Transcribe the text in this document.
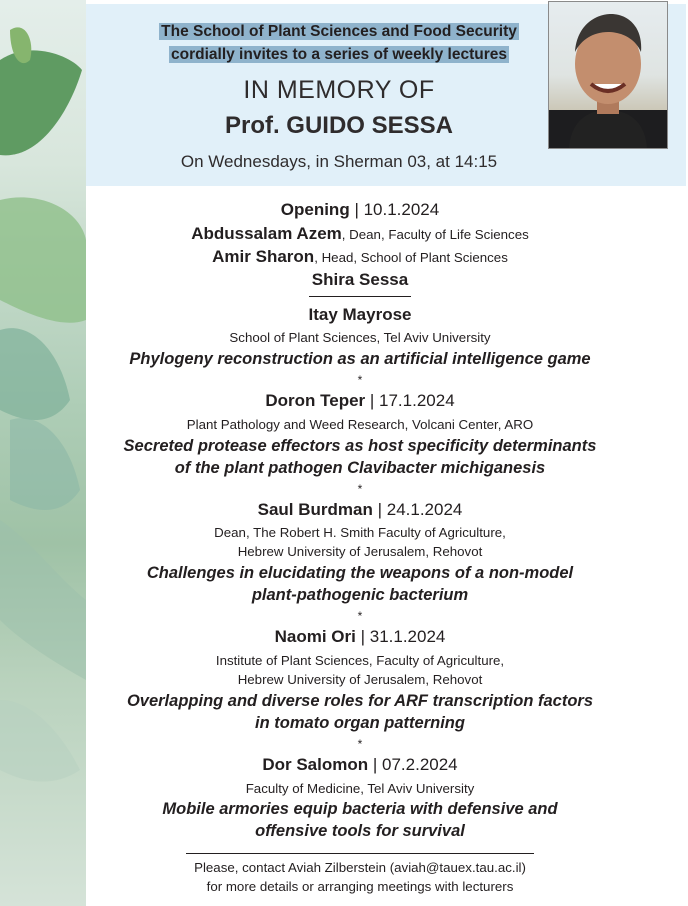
The School of Plant Sciences and Food Security
cordially invites to a series of weekly lectures
IN MEMORY OF
Prof. GUIDO SESSA
On Wednesdays, in Sherman 03, at 14:15
Opening | 10.1.2024
Abdussalam Azem, Dean, Faculty of Life Sciences
Amir Sharon, Head, School of Plant Sciences
Shira Sessa
Itay Mayrose
School of Plant Sciences, Tel Aviv University
Phylogeny reconstruction as an artificial intelligence game
*
Doron Teper | 17.1.2024
Plant Pathology and Weed Research, Volcani Center, ARO
Secreted protease effectors as host specificity determinants
of the plant pathogen Clavibacter michiganesis
*
Saul Burdman | 24.1.2024
Dean, The Robert H. Smith Faculty of Agriculture,
Hebrew University of Jerusalem, Rehovot
Challenges in elucidating the weapons of a non-model
plant-pathogenic bacterium
*
Naomi Ori | 31.1.2024
Institute of Plant Sciences, Faculty of Agriculture,
Hebrew University of Jerusalem, Rehovot
Overlapping and diverse roles for ARF transcription factors
in tomato organ patterning
*
Dor Salomon | 07.2.2024
Faculty of Medicine, Tel Aviv University
Mobile armories equip bacteria with defensive and
offensive tools for survival
Please, contact Aviah Zilberstein (aviah@tauex.tau.ac.il)
for more details or arranging meetings with lecturers
